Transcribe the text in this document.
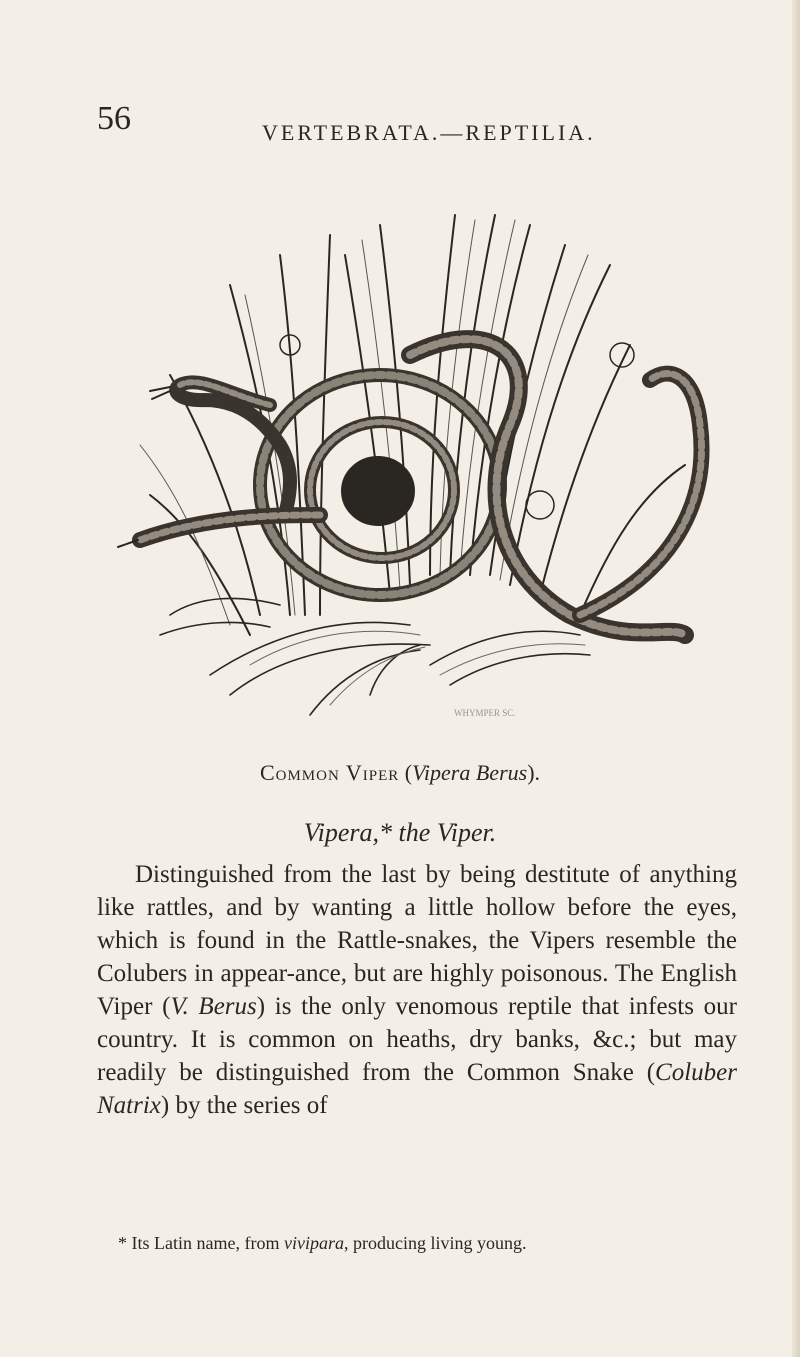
56	VERTEBRATA.—REPTILIA.
WHYMPER SC.
Common Viper (Vipera Berus).
Vipera,* the Viper.
Distinguished from the last by being destitute of anything like rattles, and by wanting a little hollow before the eyes, which is found in the Rattle-snakes, the Vipers resemble the Colubers in appear-ance, but are highly poisonous. The English Viper (V. Berus) is the only venomous reptile that infests our country. It is common on heaths, dry banks, &c.; but may readily be distinguished from the Common Snake (Coluber Natrix) by the series of
* Its Latin name, from vivipara, producing living young.
